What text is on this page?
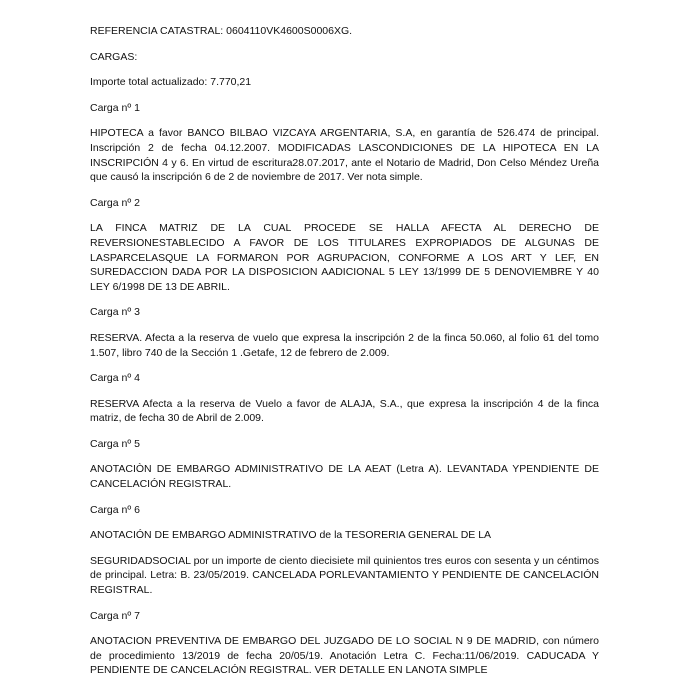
REFERENCIA CATASTRAL: 0604110VK4600S0006XG.

CARGAS:

Importe total actualizado: 7.770,21

Carga nº 1

HIPOTECA a favor BANCO BILBAO VIZCAYA ARGENTARIA, S.A, en garantía de 526.474 de principal. Inscripción 2 de fecha 04.12.2007. MODIFICADAS LASCONDICIONES DE LA HIPOTECA EN LA INSCRIPCIÓN 4 y 6. En virtud de escritura28.07.2017, ante el Notario de Madrid, Don Celso Méndez Ureña que causó la inscripción 6 de 2 de noviembre de 2017. Ver nota simple.

Carga nº 2

LA FINCA MATRIZ DE LA CUAL PROCEDE SE HALLA AFECTA AL DERECHO DE REVERSIONESTABLECIDO A FAVOR DE LOS TITULARES EXPROPIADOS DE ALGUNAS DE LASPARCELASQUE LA FORMARON POR AGRUPACION, CONFORME A LOS ART Y LEF, EN SUREDACCION DADA POR LA DISPOSICION AADICIONAL 5 LEY 13/1999 DE 5 DENOVIEMBRE Y 40 LEY 6/1998 DE 13 DE ABRIL.

Carga nº 3

RESERVA. Afecta a la reserva de vuelo que expresa la inscripción 2 de la finca 50.060, al folio 61 del tomo 1.507, libro 740 de la Sección 1 .Getafe, 12 de febrero de 2.009.

Carga nº 4

RESERVA Afecta a la reserva de Vuelo a favor de ALAJA, S.A., que expresa la inscripción 4 de la finca matriz, de fecha 30 de Abril de 2.009.

Carga nº 5

ANOTACIÒN DE EMBARGO ADMINISTRATIVO DE LA AEAT (Letra A). LEVANTADA YPENDIENTE DE CANCELACIÓN REGISTRAL.

Carga nº 6

ANOTACIÓN DE EMBARGO ADMINISTRATIVO de la TESORERIA GENERAL DE LA

SEGURIDADSOCIAL por un importe de ciento diecisiete mil quinientos tres euros con sesenta y un céntimos de principal. Letra: B. 23/05/2019. CANCELADA PORLEVANTAMIENTO Y PENDIENTE DE CANCELACIÓN REGISTRAL.

Carga nº 7

ANOTACION PREVENTIVA DE EMBARGO DEL JUZGADO DE LO SOCIAL N 9 DE MADRID, con número de procedimiento 13/2019 de fecha 20/05/19. Anotación Letra C. Fecha:11/06/2019. CADUCADA Y PENDIENTE DE CANCELACIÓN REGISTRAL. VER DETALLE EN LANOTA SIMPLE
